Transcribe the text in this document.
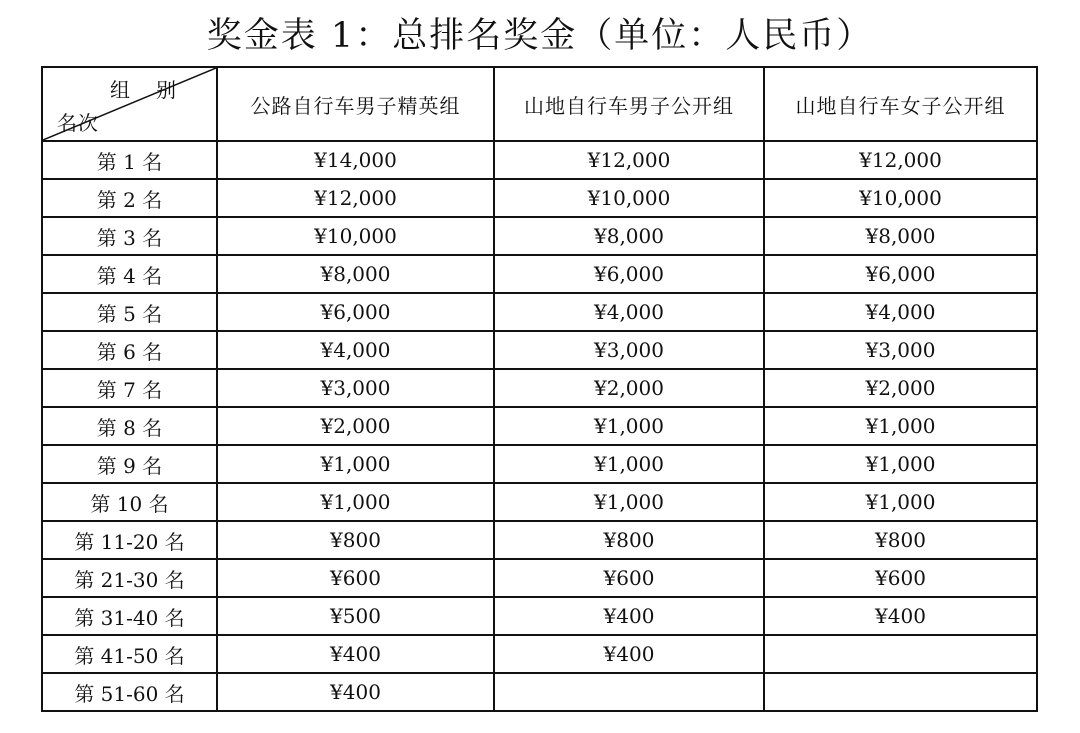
奖金表 1：总排名奖金（单位：人民币）
组别
名次	公路自行车男子精英组	山地自行车男子公开组	山地自行车女子公开组
第 1 名	¥14,000	¥12,000	¥12,000
第 2 名	¥12,000	¥10,000	¥10,000
第 3 名	¥10,000	¥8,000	¥8,000
第 4 名	¥8,000	¥6,000	¥6,000
第 5 名	¥6,000	¥4,000	¥4,000
第 6 名	¥4,000	¥3,000	¥3,000
第 7 名	¥3,000	¥2,000	¥2,000
第 8 名	¥2,000	¥1,000	¥1,000
第 9 名	¥1,000	¥1,000	¥1,000
第 10 名	¥1,000	¥1,000	¥1,000
第 11-20 名	¥800	¥800	¥800
第 21-30 名	¥600	¥600	¥600
第 31-40 名	¥500	¥400	¥400
第 41-50 名	¥400	¥400	
第 51-60 名	¥400		
